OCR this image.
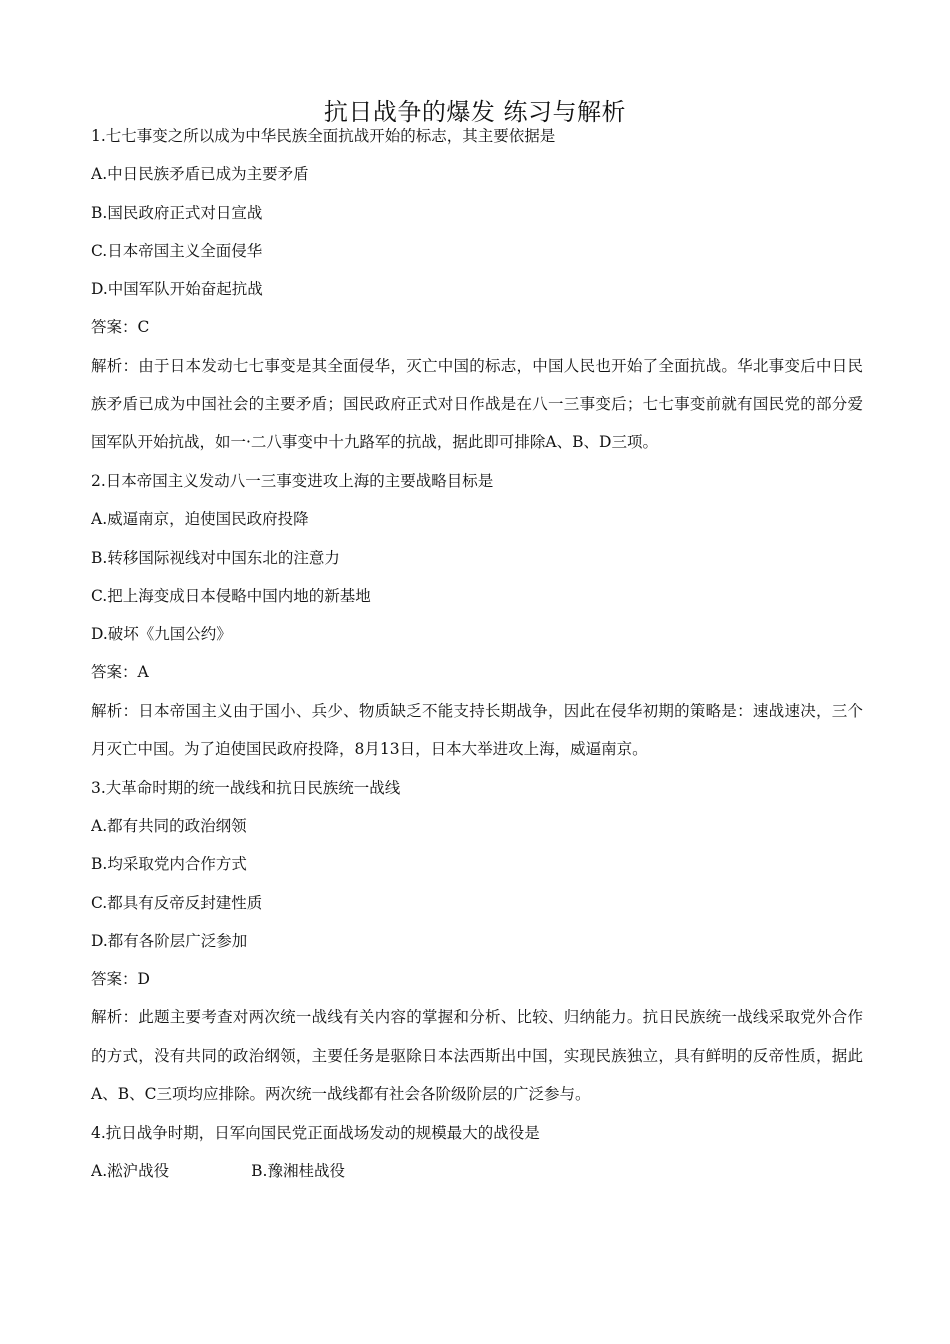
抗日战争的爆发 练习与解析

1.七七事变之所以成为中华民族全面抗战开始的标志，其主要依据是

A.中日民族矛盾已成为主要矛盾

B.国民政府正式对日宣战

C.日本帝国主义全面侵华

D.中国军队开始奋起抗战

答案：C

解析：由于日本发动七七事变是其全面侵华，灭亡中国的标志，中国人民也开始了全面抗战。华北事变后中日民族矛盾已成为中国社会的主要矛盾；国民政府正式对日作战是在八一三事变后；七七事变前就有国民党的部分爱国军队开始抗战，如一·二八事变中十九路军的抗战，据此即可排除A、B、D三项。

2.日本帝国主义发动八一三事变进攻上海的主要战略目标是

A.威逼南京，迫使国民政府投降

B.转移国际视线对中国东北的注意力

C.把上海变成日本侵略中国内地的新基地

D.破坏《九国公约》

答案：A

解析：日本帝国主义由于国小、兵少、物质缺乏不能支持长期战争，因此在侵华初期的策略是：速战速决，三个月灭亡中国。为了迫使国民政府投降，8月13日，日本大举进攻上海，威逼南京。

3.大革命时期的统一战线和抗日民族统一战线

A.都有共同的政治纲领

B.均采取党内合作方式

C.都具有反帝反封建性质

D.都有各阶层广泛参加

答案：D

解析：此题主要考查对两次统一战线有关内容的掌握和分析、比较、归纳能力。抗日民族统一战线采取党外合作的方式，没有共同的政治纲领，主要任务是驱除日本法西斯出中国，实现民族独立，具有鲜明的反帝性质，据此A、B、C三项均应排除。两次统一战线都有社会各阶级阶层的广泛参与。

4.抗日战争时期，日军向国民党正面战场发动的规模最大的战役是

A.淞沪战役	B.豫湘桂战役
